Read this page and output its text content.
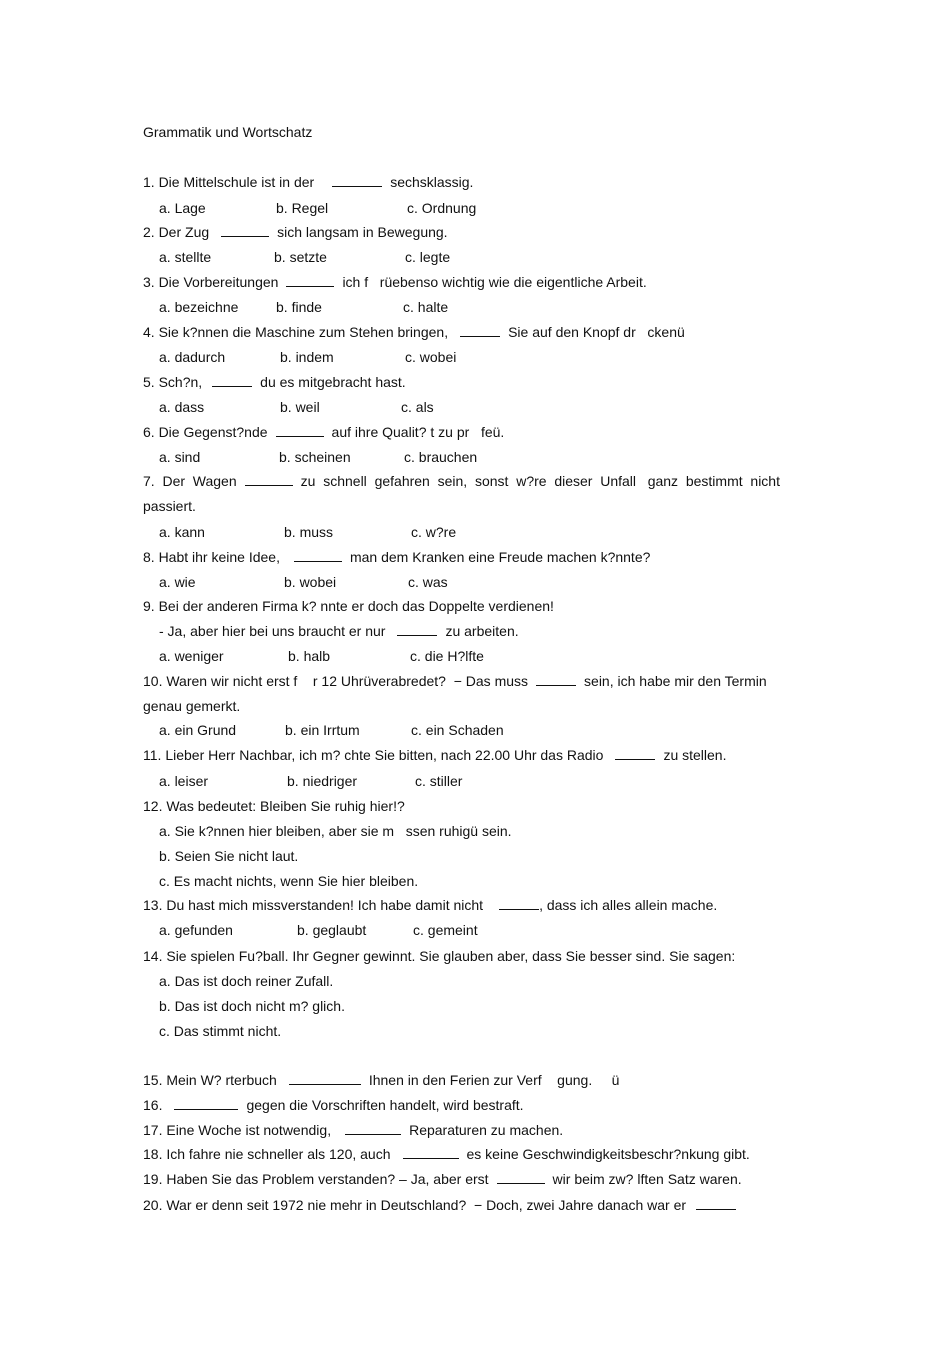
Grammatik und Wortschatz
1. Die Mittelschule ist in der	sechsklassig.
a. Lage	b. Regel	c. Ordnung
2. Der Zug	sich langsam in Bewegung.
a. stellte	b. setzte	c. legte
3. Die Vorbereitungen	ich f   rüebenso wichtig wie die eigentliche Arbeit.
a. bezeichne	b. finde	c. halte
4. Sie k?nnen die Maschine zum Stehen bringen,	Sie auf den Knopf dr   ckenü
a. dadurch	b. indem	c. wobei
5. Sch?n,	du es mitgebracht hast.
a. dass	b. weil	c. als
6. Die Gegenst?nde	auf ihre Qualit? t zu pr   feü.
a. sind	b. scheinen	c. brauchen
7.  Der  Wagen	zu  schnell  gefahren  sein,  sonst  w?re  dieser  Unfall   ganz  bestimmt  nicht
passiert.
a. kann	b. muss	c. w?re
8. Habt ihr keine Idee,	man dem Kranken eine Freude machen k?nnte?
a. wie	b. wobei	c. was
9. Bei der anderen Firma k? nnte er doch das Doppelte verdienen!
- Ja, aber hier bei uns braucht er nur	zu arbeiten.
a. weniger	b. halb	c. die H?lfte
10. Waren wir nicht erst f    r 12 Uhrüverabredet?  − Das muss	sein, ich habe mir den Termin
genau gemerkt.
a. ein Grund	b. ein Irrtum	c. ein Schaden
11. Lieber Herr Nachbar, ich m? chte Sie bitten, nach 22.00 Uhr das Radio	zu stellen.
a. leiser	b. niedriger	c. stiller
12. Was bedeutet: Bleiben Sie ruhig hier!?
a. Sie k?nnen hier bleiben, aber sie m   ssen ruhigü sein.
b. Seien Sie nicht laut.
c. Es macht nichts, wenn Sie hier bleiben.
13. Du hast mich missverstanden! Ich habe damit nicht	, dass ich alles allein mache.
a. gefunden	b. geglaubt	c. gemeint
14. Sie spielen Fu?ball. Ihr Gegner gewinnt. Sie glauben aber, dass Sie besser sind. Sie sagen:
a. Das ist doch reiner Zufall.
b. Das ist doch nicht m? glich.
c. Das stimmt nicht.
15. Mein W? rterbuch	Ihnen in den Ferien zur Verf    gung.     ü
16.	gegen die Vorschriften handelt, wird bestraft.
17. Eine Woche ist notwendig,	Reparaturen zu machen.
18. Ich fahre nie schneller als 120, auch	es keine Geschwindigkeitsbeschr?nkung gibt.
19. Haben Sie das Problem verstanden? – Ja, aber erst	wir beim zw? lften Satz waren.
20. War er denn seit 1972 nie mehr in Deutschland?  − Doch, zwei Jahre danach war er
